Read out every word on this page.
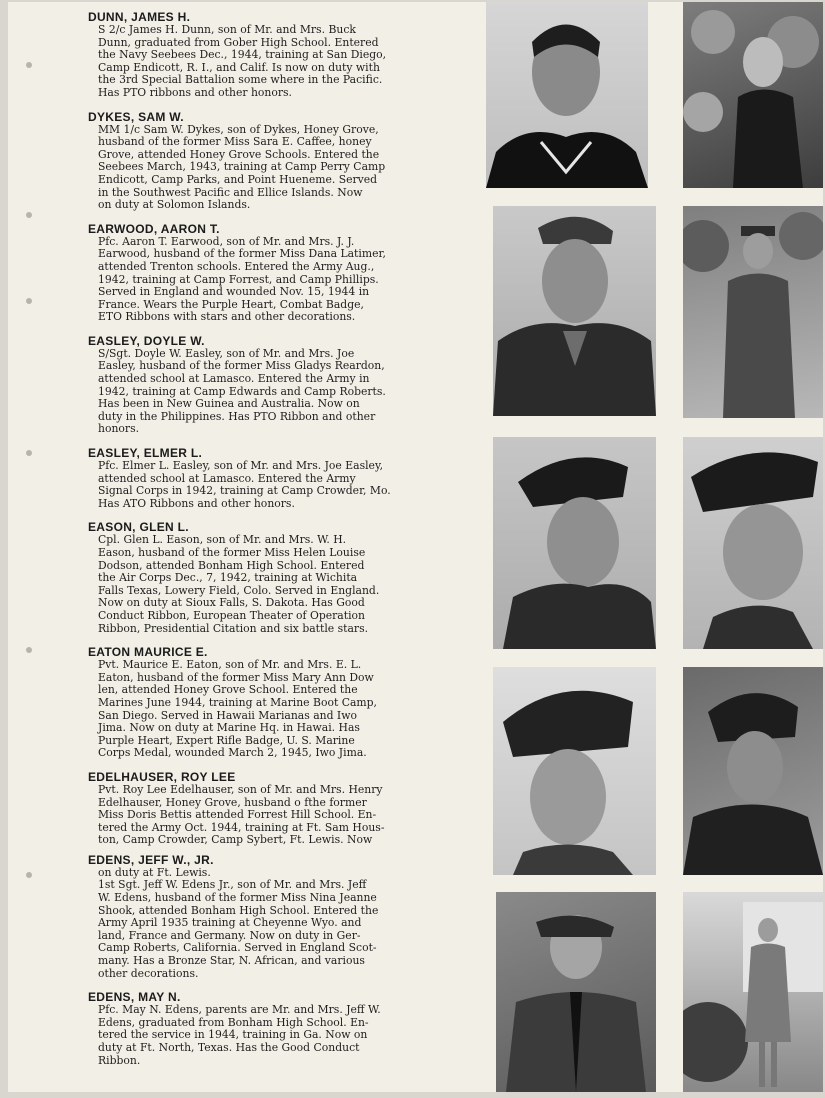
DUNN, JAMES H.
S 2/c James H. Dunn, son of Mr. and Mrs. Buck
Dunn, graduated from Gober High School. Entered
the Navy Seebees Dec., 1944, training at San Diego,
Camp Endicott, R. I., and Calif. Is now on duty with
the 3rd Special Battalion some where in the Pacific.
Has PTO ribbons and other honors.
DYKES, SAM W.
MM 1/c Sam W. Dykes, son of Dykes, Honey Grove,
husband of the former Miss Sara E. Caffee, honey
Grove, attended Honey Grove Schools. Entered the
Seebees March, 1943, training at Camp Perry Camp
Endicott, Camp Parks, and Point Hueneme. Served
in the Southwest Pacific and Ellice Islands. Now
on duty at Solomon Islands.
EARWOOD, AARON T.
Pfc. Aaron T. Earwood, son of Mr. and Mrs. J. J.
Earwood, husband of the former Miss Dana Latimer,
attended Trenton schools. Entered the Army Aug.,
1942, training at Camp Forrest, and Camp Phillips.
Served in England and wounded Nov. 15, 1944 in
France. Wears the Purple Heart, Combat Badge,
ETO Ribbons with stars and other decorations.
EASLEY, DOYLE W.
S/Sgt. Doyle W. Easley, son of Mr. and Mrs. Joe
Easley, husband of the former Miss Gladys Reardon,
attended school at Lamasco. Entered the Army in
1942, training at Camp Edwards and Camp Roberts.
Has been in New Guinea and Australia. Now on
duty in the Philippines. Has PTO Ribbon and other
honors.
EASLEY, ELMER L.
Pfc. Elmer L. Easley, son of Mr. and Mrs. Joe Easley,
attended school at Lamasco. Entered the Army
Signal Corps in 1942, training at Camp Crowder, Mo.
Has ATO Ribbons and other honors.
EASON, GLEN L.
Cpl. Glen L. Eason, son of Mr. and Mrs. W. H.
Eason, husband of the former Miss Helen Louise
Dodson, attended Bonham High School. Entered
the Air Corps Dec., 7, 1942, training at Wichita
Falls Texas, Lowery Field, Colo. Served in England.
Now on duty at Sioux Falls, S. Dakota. Has Good
Conduct Ribbon, European Theater of Operation
Ribbon, Presidential Citation and six battle stars.
EATON MAURICE E.
Pvt. Maurice E. Eaton, son of Mr. and Mrs. E. L.
Eaton, husband of the former Miss Mary Ann Dow
len, attended Honey Grove School. Entered the
Marines June 1944, training at Marine Boot Camp,
San Diego. Served in Hawaii Marianas and Iwo
Jima. Now on duty at Marine Hq. in Hawai. Has
Purple Heart, Expert Rifle Badge, U. S. Marine
Corps Medal, wounded March 2, 1945, Iwo Jima.
EDELHAUSER, ROY LEE
Pvt. Roy Lee Edelhauser, son of Mr. and Mrs. Henry
Edelhauser, Honey Grove, husband o fthe former
Miss Doris Bettis attended Forrest Hill School. En-
tered the Army Oct. 1944, training at Ft. Sam Hous-
ton, Camp Crowder, Camp Sybert, Ft. Lewis. Now
EDENS, JEFF W., JR.
on duty at Ft. Lewis.
1st Sgt. Jeff W. Edens Jr., son of Mr. and Mrs. Jeff
W. Edens, husband of the former Miss Nina Jeanne
Shook, attended Bonham High School. Entered the
Army April 1935 training at Cheyenne Wyo. and
land, France and Germany. Now on duty in Ger-
Camp Roberts, California. Served in England Scot-
many. Has a Bronze Star, N. African, and various
other decorations.
EDENS, MAY N.
Pfc. May N. Edens, parents are Mr. and Mrs. Jeff W.
Edens, graduated from Bonham High School. En-
tered the service in 1944, training in Ga. Now on
duty at Ft. North, Texas. Has the Good Conduct
Ribbon.
